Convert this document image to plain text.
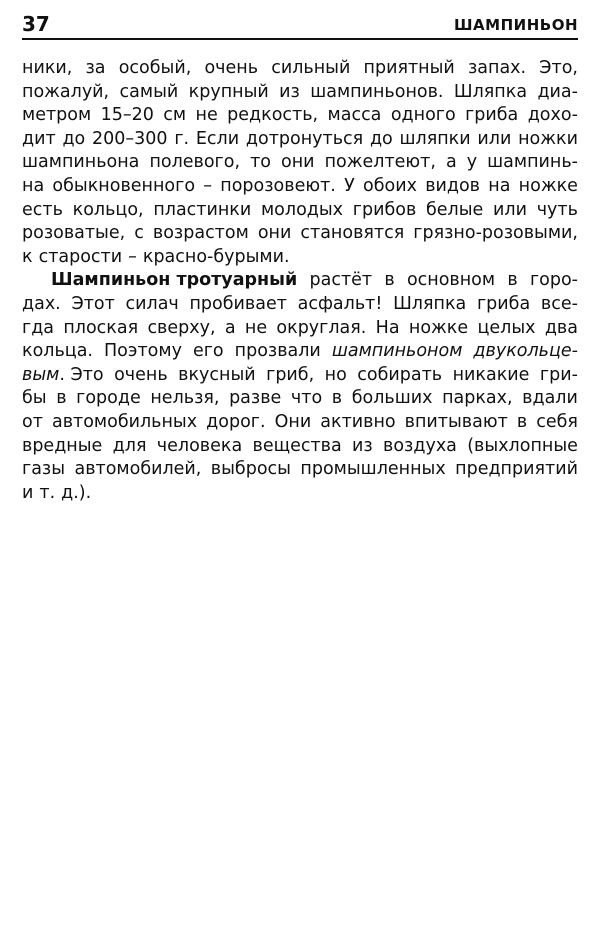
37	ШАМПИНЬОН
ники, за особый, очень сильный приятный запах. Это,
пожалуй, самый крупный из шампиньонов. Шляпка диа-
метром 15–20 см не редкость, масса одного гриба дохо-
дит до 200–300 г. Если дотронуться до шляпки или ножки
шампиньона полевого, то они пожелтеют, а у шампинь-
на обыкновенного – порозовеют. У обоих видов на ножке
есть кольцо, пластинки молодых грибов белые или чуть
розоватые, с возрастом они становятся грязно-розовыми,
к старости – красно-бурыми.
Шампиньон тротуарный растёт в основном в горо-
дах. Этот силач пробивает асфальт! Шляпка гриба все-
гда плоская сверху, а не округлая. На ножке целых два
кольца. Поэтому его прозвали шампиньоном двукольце-
вым. Это очень вкусный гриб, но собирать никакие гри-
бы в городе нельзя, разве что в больших парках, вдали
от автомобильных дорог. Они активно впитывают в себя
вредные для человека вещества из воздуха (выхлопные
газы автомобилей, выбросы промышленных предприятий
и т. д.).
